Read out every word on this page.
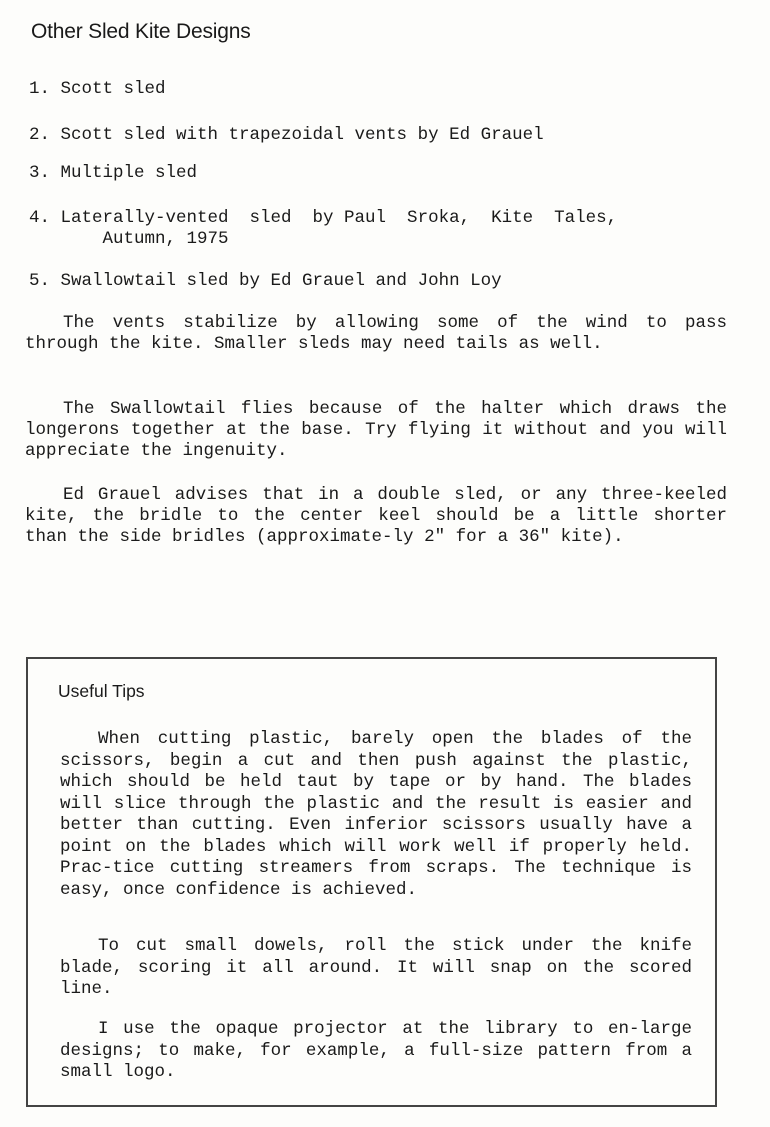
Other Sled Kite Designs
1. Scott sled
2. Scott sled with trapezoidal vents by Ed Grauel
3. Multiple sled
4. Laterally-vented  sled  by Paul  Sroka,  Kite  Tales,
Autumn, 1975
5. Swallowtail sled by Ed Grauel and John Loy

The vents stabilize by allowing some of the wind to pass through the kite. Smaller sleds may need tails as well.

The Swallowtail flies because of the halter which draws the longerons together at the base. Try flying it without and you will appreciate the ingenuity.

Ed Grauel advises that in a double sled, or any three-keeled kite, the bridle to the center keel should be a little shorter than the side bridles (approximate-ly 2" for a 36" kite).

Useful Tips

When cutting plastic, barely open the blades of the scissors, begin a cut and then push against the plastic, which should be held taut by tape or by hand. The blades will slice through the plastic and the result is easier and better than cutting. Even inferior scissors usually have a point on the blades which will work well if properly held. Prac-tice cutting streamers from scraps. The technique is easy, once confidence is achieved.

To cut small dowels, roll the stick under the knife blade, scoring it all around. It will snap on the scored line.

I use the opaque projector at the library to en-large designs; to make, for example, a full-size pattern from a small logo.
